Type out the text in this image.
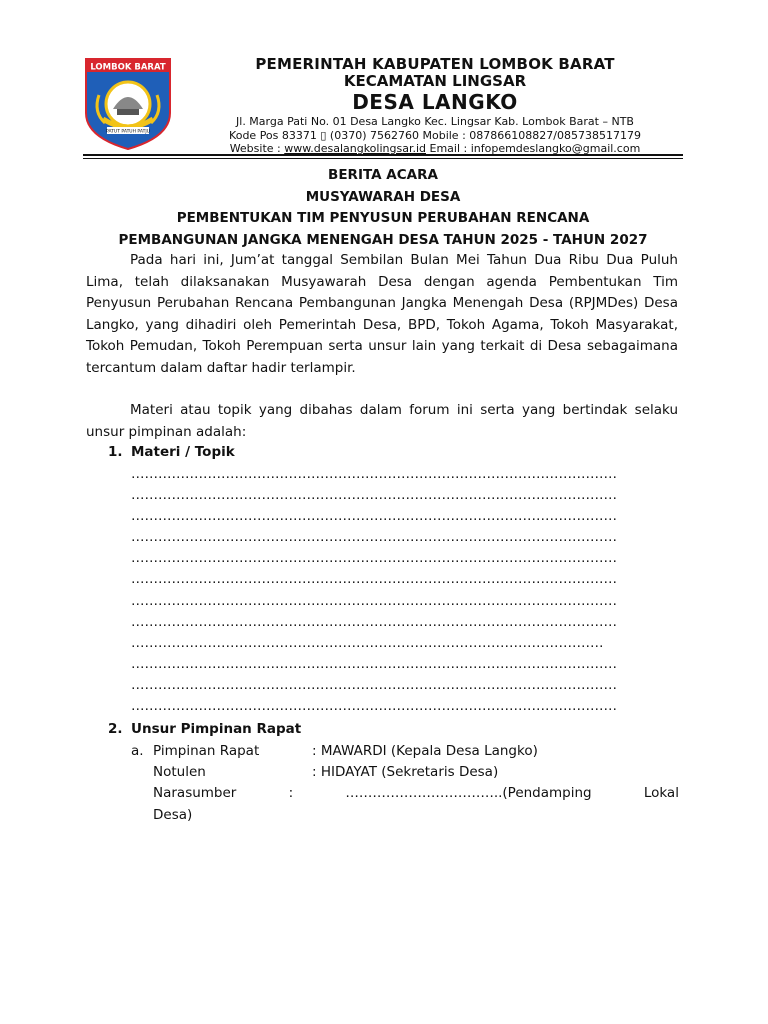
LOMBOK BARAT
PATUT PATUH PATJU
PEMERINTAH KABUPATEN LOMBOK BARAT
KECAMATAN LINGSAR
DESA LANGKO
Jl. Marga Pati No. 01 Desa Langko Kec. Lingsar Kab. Lombok Barat – NTB
Kode Pos 83371 ▯ (0370) 7562760 Mobile : 087866108827/085738517179
Website : www.desalangkolingsar.id Email : infopemdeslangko@gmail.com
BERITA ACARA
MUSYAWARAH DESA
PEMBENTUKAN TIM PENYUSUN PERUBAHAN RENCANA
PEMBANGUNAN JANGKA MENENGAH DESA TAHUN 2025 - TAHUN 2027
Pada hari ini, Jum’at tanggal Sembilan Bulan Mei Tahun Dua Ribu Dua Puluh Lima, telah dilaksanakan Musyawarah Desa dengan agenda Pembentukan Tim Penyusun Perubahan Rencana Pembangunan Jangka Menengah Desa (RPJMDes) Desa Langko, yang dihadiri oleh Pemerintah Desa, BPD, Tokoh Agama, Tokoh Masyarakat, Tokoh Pemudan, Tokoh Perempuan serta unsur lain yang terkait di Desa sebagaimana tercantum dalam daftar hadir terlampir.
Materi atau topik yang dibahas dalam forum ini serta yang bertindak selaku unsur pimpinan adalah:
1. Materi / Topik
………………………………………………………………………………………………
………………………………………………………………………………………………
………………………………………………………………………………………………
………………………………………………………………………………………………
………………………………………………………………………………………………
………………………………………………………………………………………………
………………………………………………………………………………………………
………………………………………………………………………………………………
……………………………………………………………………………………………
………………………………………………………………………………………………
………………………………………………………………………………………………
………………………………………………………………………………………………
2. Unsur Pimpinan Rapat
a. Pimpinan Rapat	: MAWARDI (Kepala Desa Langko)
Notulen	: HIDAYAT (Sekretaris Desa)
Narasumber	:	……………………………..(Pendamping	Lokal
Desa)
